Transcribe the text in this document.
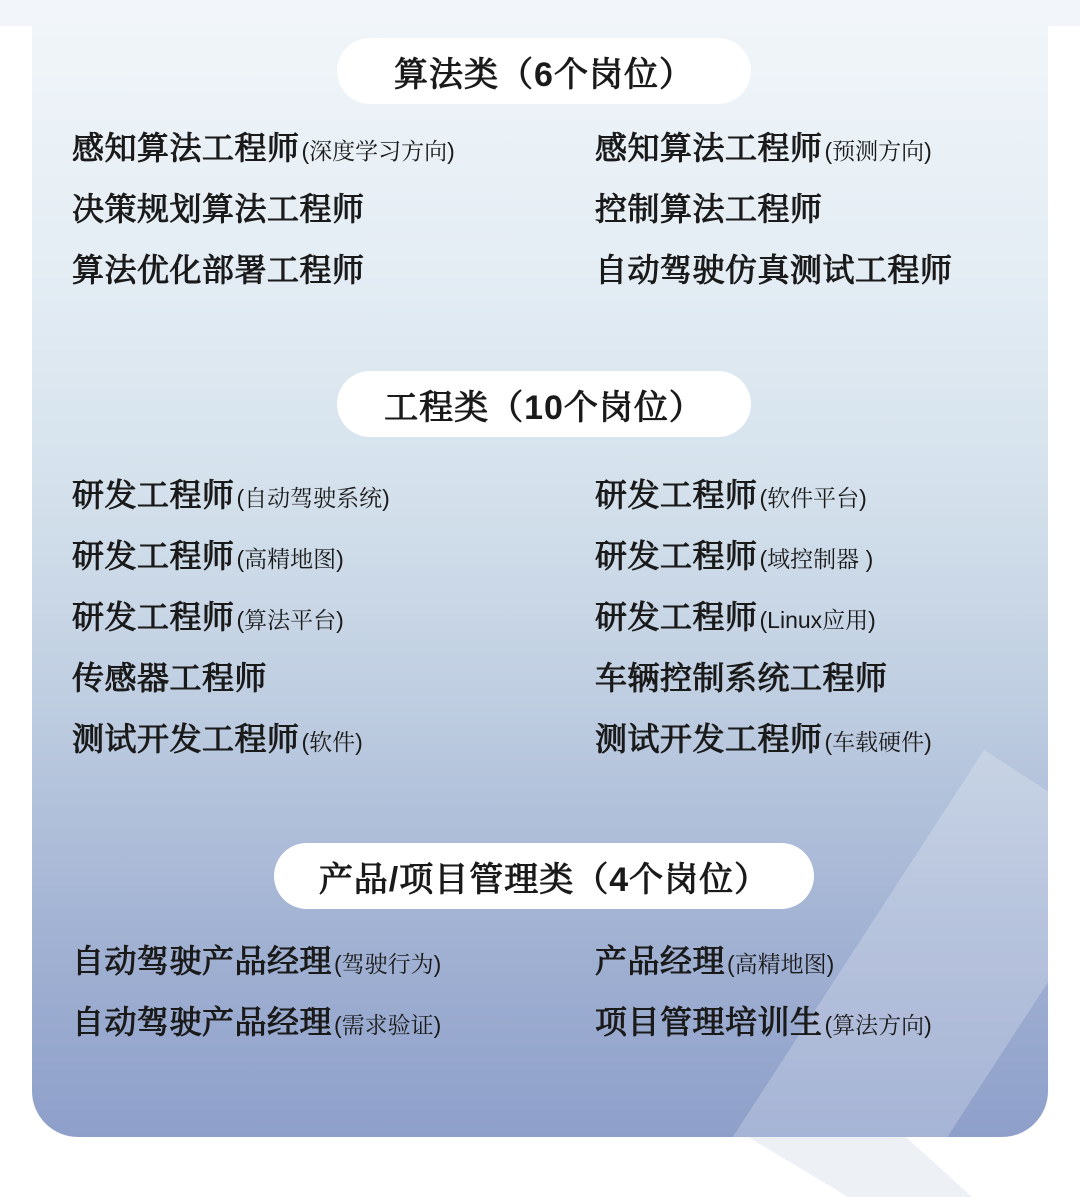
算法类（6个岗位）
感知算法工程师(深度学习方向)
决策规划算法工程师
算法优化部署工程师
感知算法工程师(预测方向)
控制算法工程师
自动驾驶仿真测试工程师
工程类（10个岗位）
研发工程师(自动驾驶系统)
研发工程师(高精地图)
研发工程师(算法平台)
传感器工程师
测试开发工程师(软件)
研发工程师(软件平台)
研发工程师(域控制器 )
研发工程师(Linux应用)
车辆控制系统工程师
测试开发工程师(车载硬件)
产品/项目管理类（4个岗位）
自动驾驶产品经理(驾驶行为)
自动驾驶产品经理(需求验证)
产品经理(高精地图)
项目管理培训生(算法方向)
